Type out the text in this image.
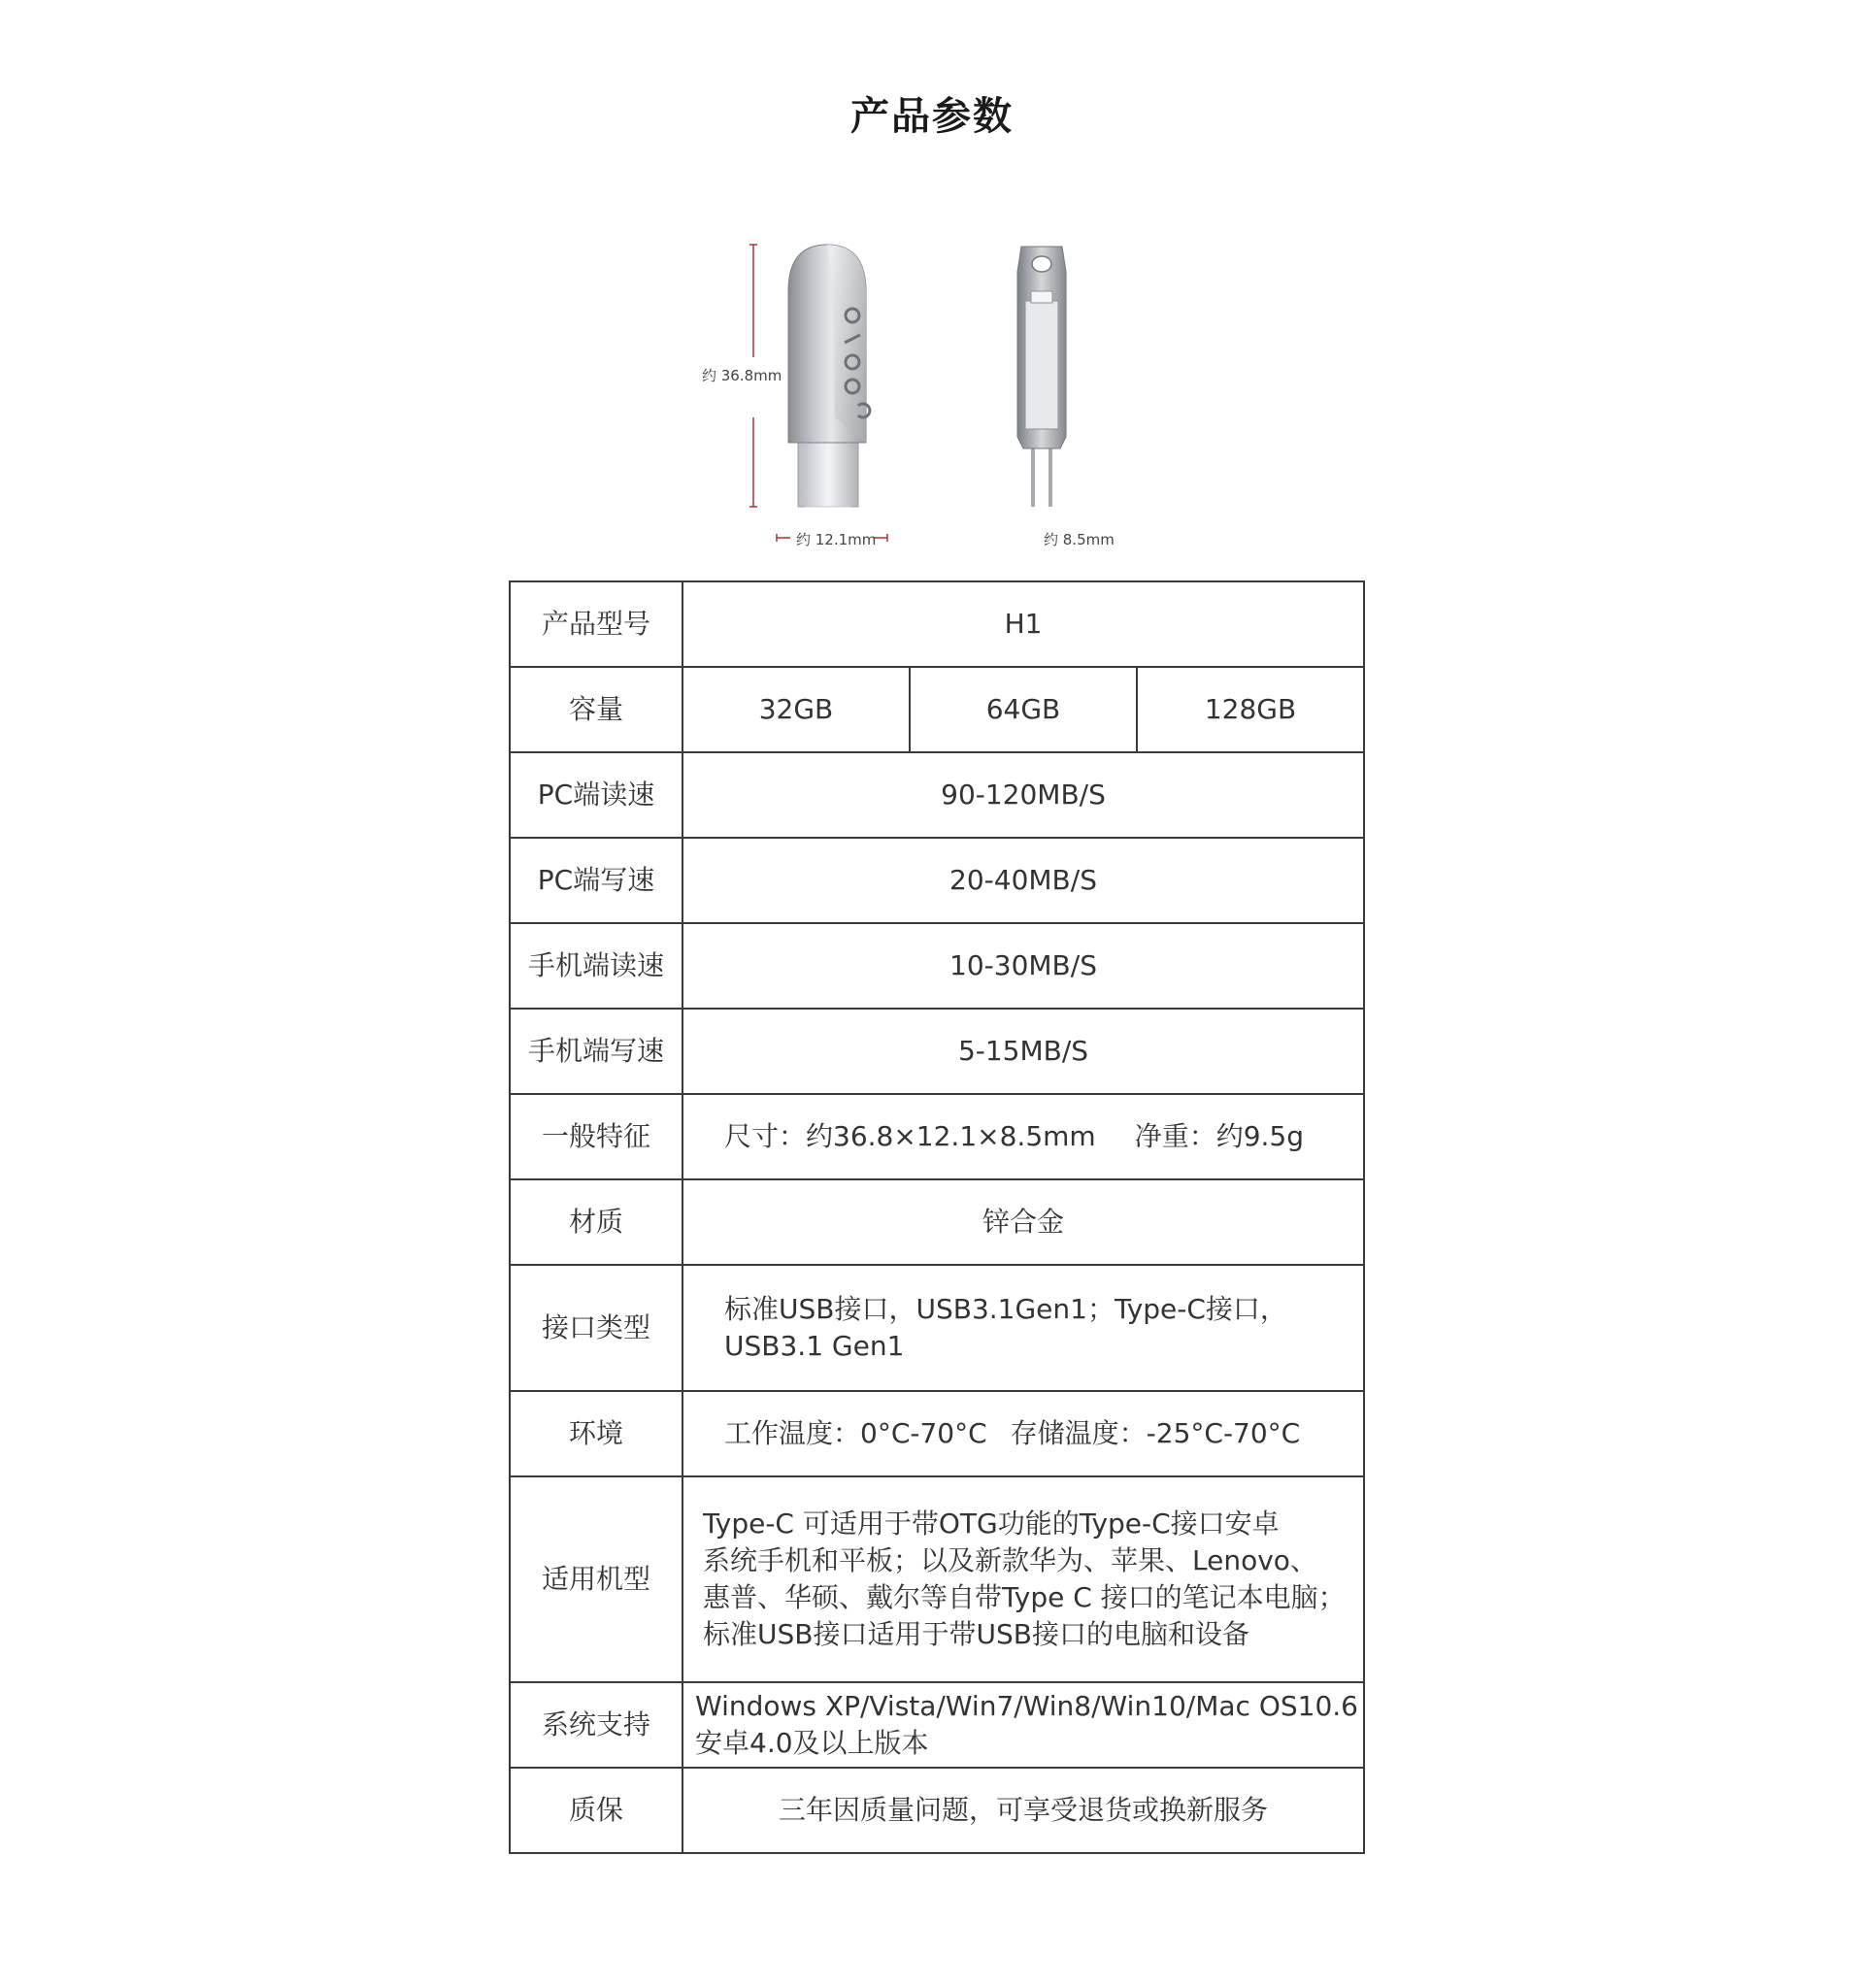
产品参数
约 36.8mm
约 12.1mm	约 8.5mm
产品型号	H1		
容量	32GB	64GB	128GB
PC端读速	90-120MB/S		
PC端写速	20-40MB/S		
手机端读速	10-30MB/S		
手机端写速	5-15MB/S		
一般特征	尺寸：约36.8×12.1×8.5mm 净重：约9.5g		
材质	锌合金		
接口类型	标准USB接口，USB3.1Gen1；Type-C接口，
USB3.1 Gen1		

环境	工作温度：0°C-70°C 存储温度：-25°C-70°C		
适用机型	Type-C 可适用于带OTG功能的Type-C接口安卓
系统手机和平板；以及新款华为、苹果、Lenovo、
惠普、华硕、戴尔等自带Type C 接口的笔记本电脑；
标准USB接口适用于带USB接口的电脑和设备		

系统支持	Windows XP/Vista/Win7/Win8/Win10/Mac OS10.6
安卓4.0及以上版本		

质保	三年因质量问题，可享受退货或换新服务		
